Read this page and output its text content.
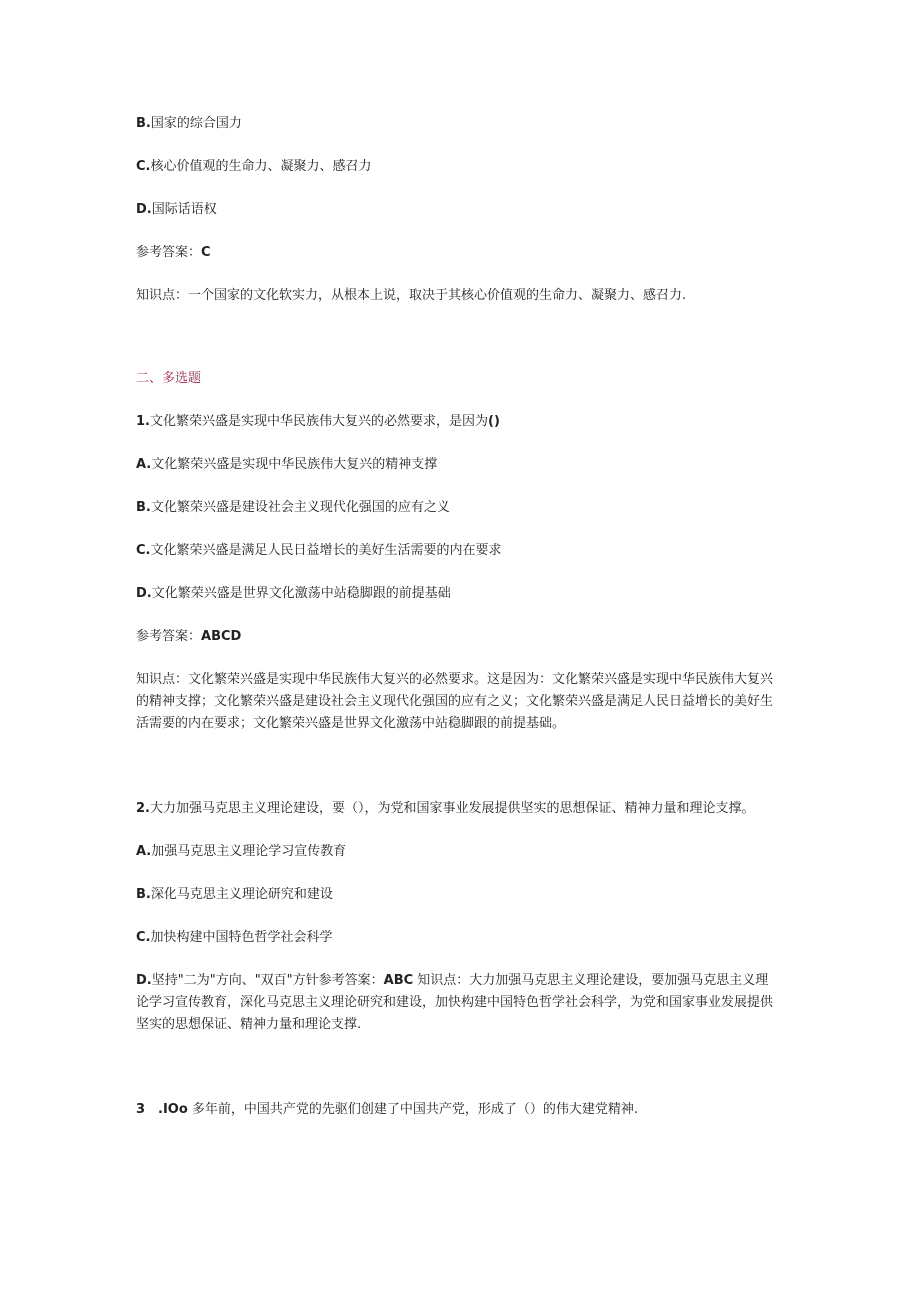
B.国家的综合国力

C.核心价值观的生命力、凝聚力、感召力

D.国际话语权

参考答案：C

知识点：一个国家的文化软实力，从根本上说，取决于其核心价值观的生命力、凝聚力、感召力.

二、多选题

1.文化繁荣兴盛是实现中华民族伟大复兴的必然要求，是因为()

A.文化繁荣兴盛是实现中华民族伟大复兴的精神支撑

B.文化繁荣兴盛是建设社会主义现代化强国的应有之义

C.文化繁荣兴盛是满足人民日益增长的美好生活需要的内在要求

D.文化繁荣兴盛是世界文化激荡中站稳脚跟的前提基础

参考答案：ABCD

知识点：文化繁荣兴盛是实现中华民族伟大复兴的必然要求。这是因为：文化繁荣兴盛是实现中华民族伟大复兴

的精神支撑；文化繁荣兴盛是建设社会主义现代化强国的应有之义；文化繁荣兴盛是满足人民日益增长的美好生

活需要的内在要求；文化繁荣兴盛是世界文化激荡中站稳脚跟的前提基础。

2.大力加强马克思主义理论建设，要（），为党和国家事业发展提供坚实的思想保证、精神力量和理论支撑。

A.加强马克思主义理论学习宣传教育

B.深化马克思主义理论研究和建设

C.加快构建中国特色哲学社会科学

D.坚持"二为"方向、"双百"方针参考答案：ABC 知识点：大力加强马克思主义理论建设，要加强马克思主义理

论学习宣传教育，深化马克思主义理论研究和建设，加快构建中国特色哲学社会科学，为党和国家事业发展提供

坚实的思想保证、精神力量和理论支撑.

3 .IOo 多年前，中国共产党的先驱们创建了中国共产党，形成了（）的伟大建党精神.
